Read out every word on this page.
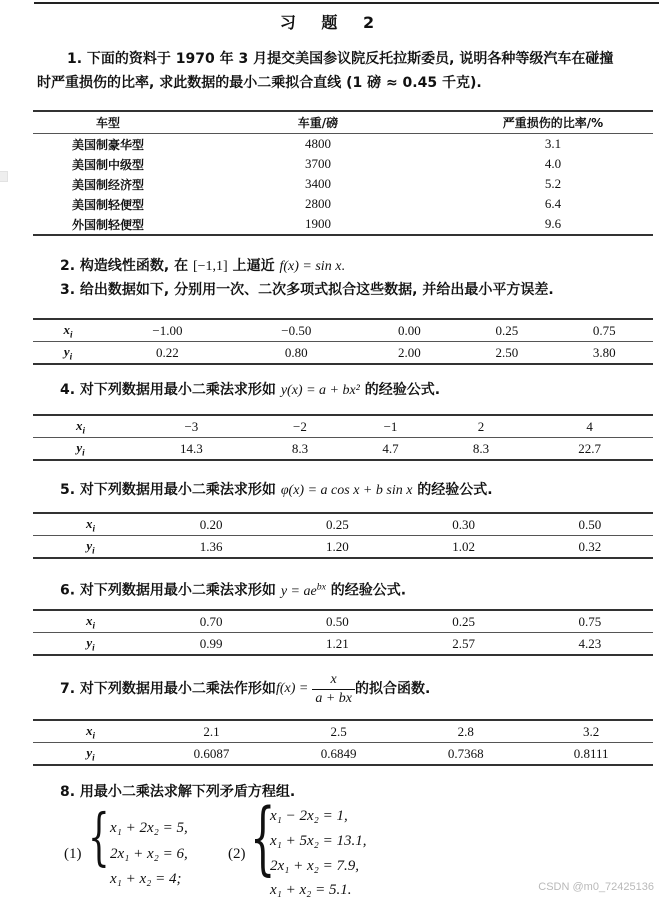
习 题 2
1. 下面的资料于 1970 年 3 月提交美国参议院反托拉斯委员, 说明各种等级汽车在碰撞
时严重损伤的比率, 求此数据的最小二乘拟合直线 (1 磅 ≈ 0.45 千克).
车型	车重/磅	严重损伤的比率/%
美国制豪华型	4800	3.1
美国制中级型	3700	4.0
美国制经济型	3400	5.2
美国制轻便型	2800	6.4
外国制轻便型	1900	9.6
2. 构造线性函数, 在 [−1,1] 上逼近 f(x) = sin x.
3. 给出数据如下, 分别用一次、二次多项式拟合这些数据, 并给出最小平方误差.
$x_i$	−1.00	−0.50	0.00	0.25	0.75
$y_i$	0.22	0.80	2.00	2.50	3.80
4. 对下列数据用最小二乘法求形如 y(x) = a + bx² 的经验公式.
$x_i$	−3	−2	−1	2	4
$y_i$	14.3	8.3	4.7	8.3	22.7
5. 对下列数据用最小二乘法求形如 φ(x) = a cos x + b sin x 的经验公式.
$x_i$	0.20	0.25	0.30	0.50
$y_i$	1.36	1.20	1.02	0.32
6. 对下列数据用最小二乘法求形如 $y = ae^{bx}$ 的经验公式.
$x_i$	0.70	0.50	0.25	0.75
$y_i$	0.99	1.21	2.57	4.23
7. 对下列数据用最小二乘法作形如 $f(x) = \frac{x}{a + bx}$ 的拟合函数.
$x_i$	2.1	2.5	2.8	3.2
$y_i$	0.6087	0.6849	0.7368	0.8111
8. 用最小二乘法求解下列矛盾方程组.
(1) { x₁ + 2x₂ = 5,
2x₁ + x₂ = 6,
x₁ + x₂ = 4;
(2) {
x₁ − 2x₂ = 1,
x₁ + 5x₂ = 13.1,
2x₁ + x₂ = 7.9,
x₁ + x₂ = 5.1.	CSDN @m0_72425136
